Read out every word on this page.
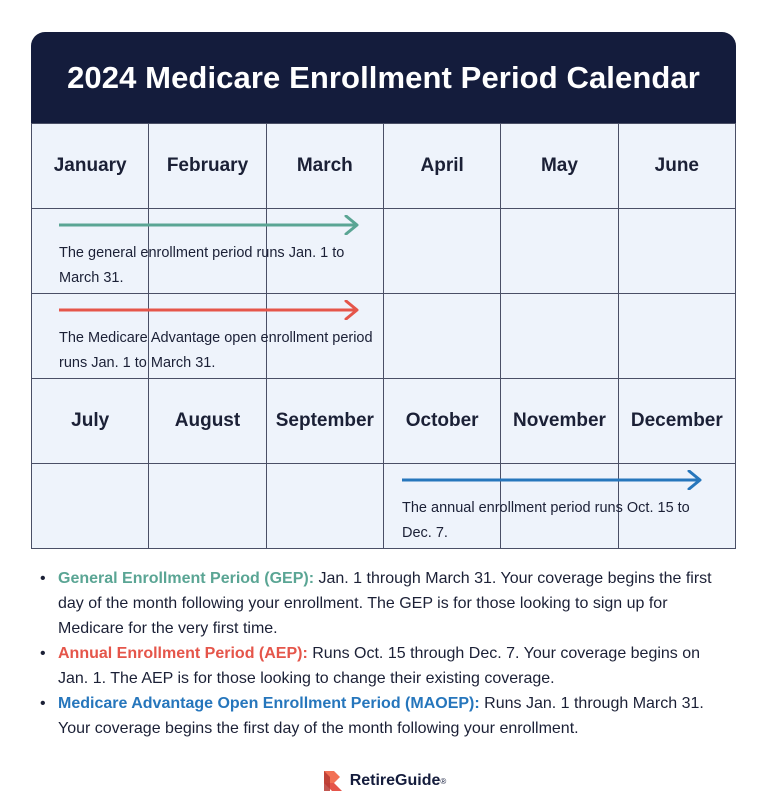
2024 Medicare Enrollment Period Calendar
January	February	March	April	May	June

July	August	September	October	November	December

The general enrollment period runs Jan. 1 to March 31.
The Medicare Advantage open enrollment period runs Jan. 1 to March 31.
The annual enrollment period runs Oct. 15 to Dec. 7.
• General Enrollment Period (GEP): Jan. 1 through March 31. Your coverage begins the first day of the month following your enrollment. The GEP is for those looking to sign up for Medicare for the very first time.
• Annual Enrollment Period (AEP): Runs Oct. 15 through Dec. 7. Your coverage begins on Jan. 1. The AEP is for those looking to change their existing coverage.
• Medicare Advantage Open Enrollment Period (MAOEP): Runs Jan. 1 through March 31. Your coverage begins the first day of the month following your enrollment.
RetireGuide ®
